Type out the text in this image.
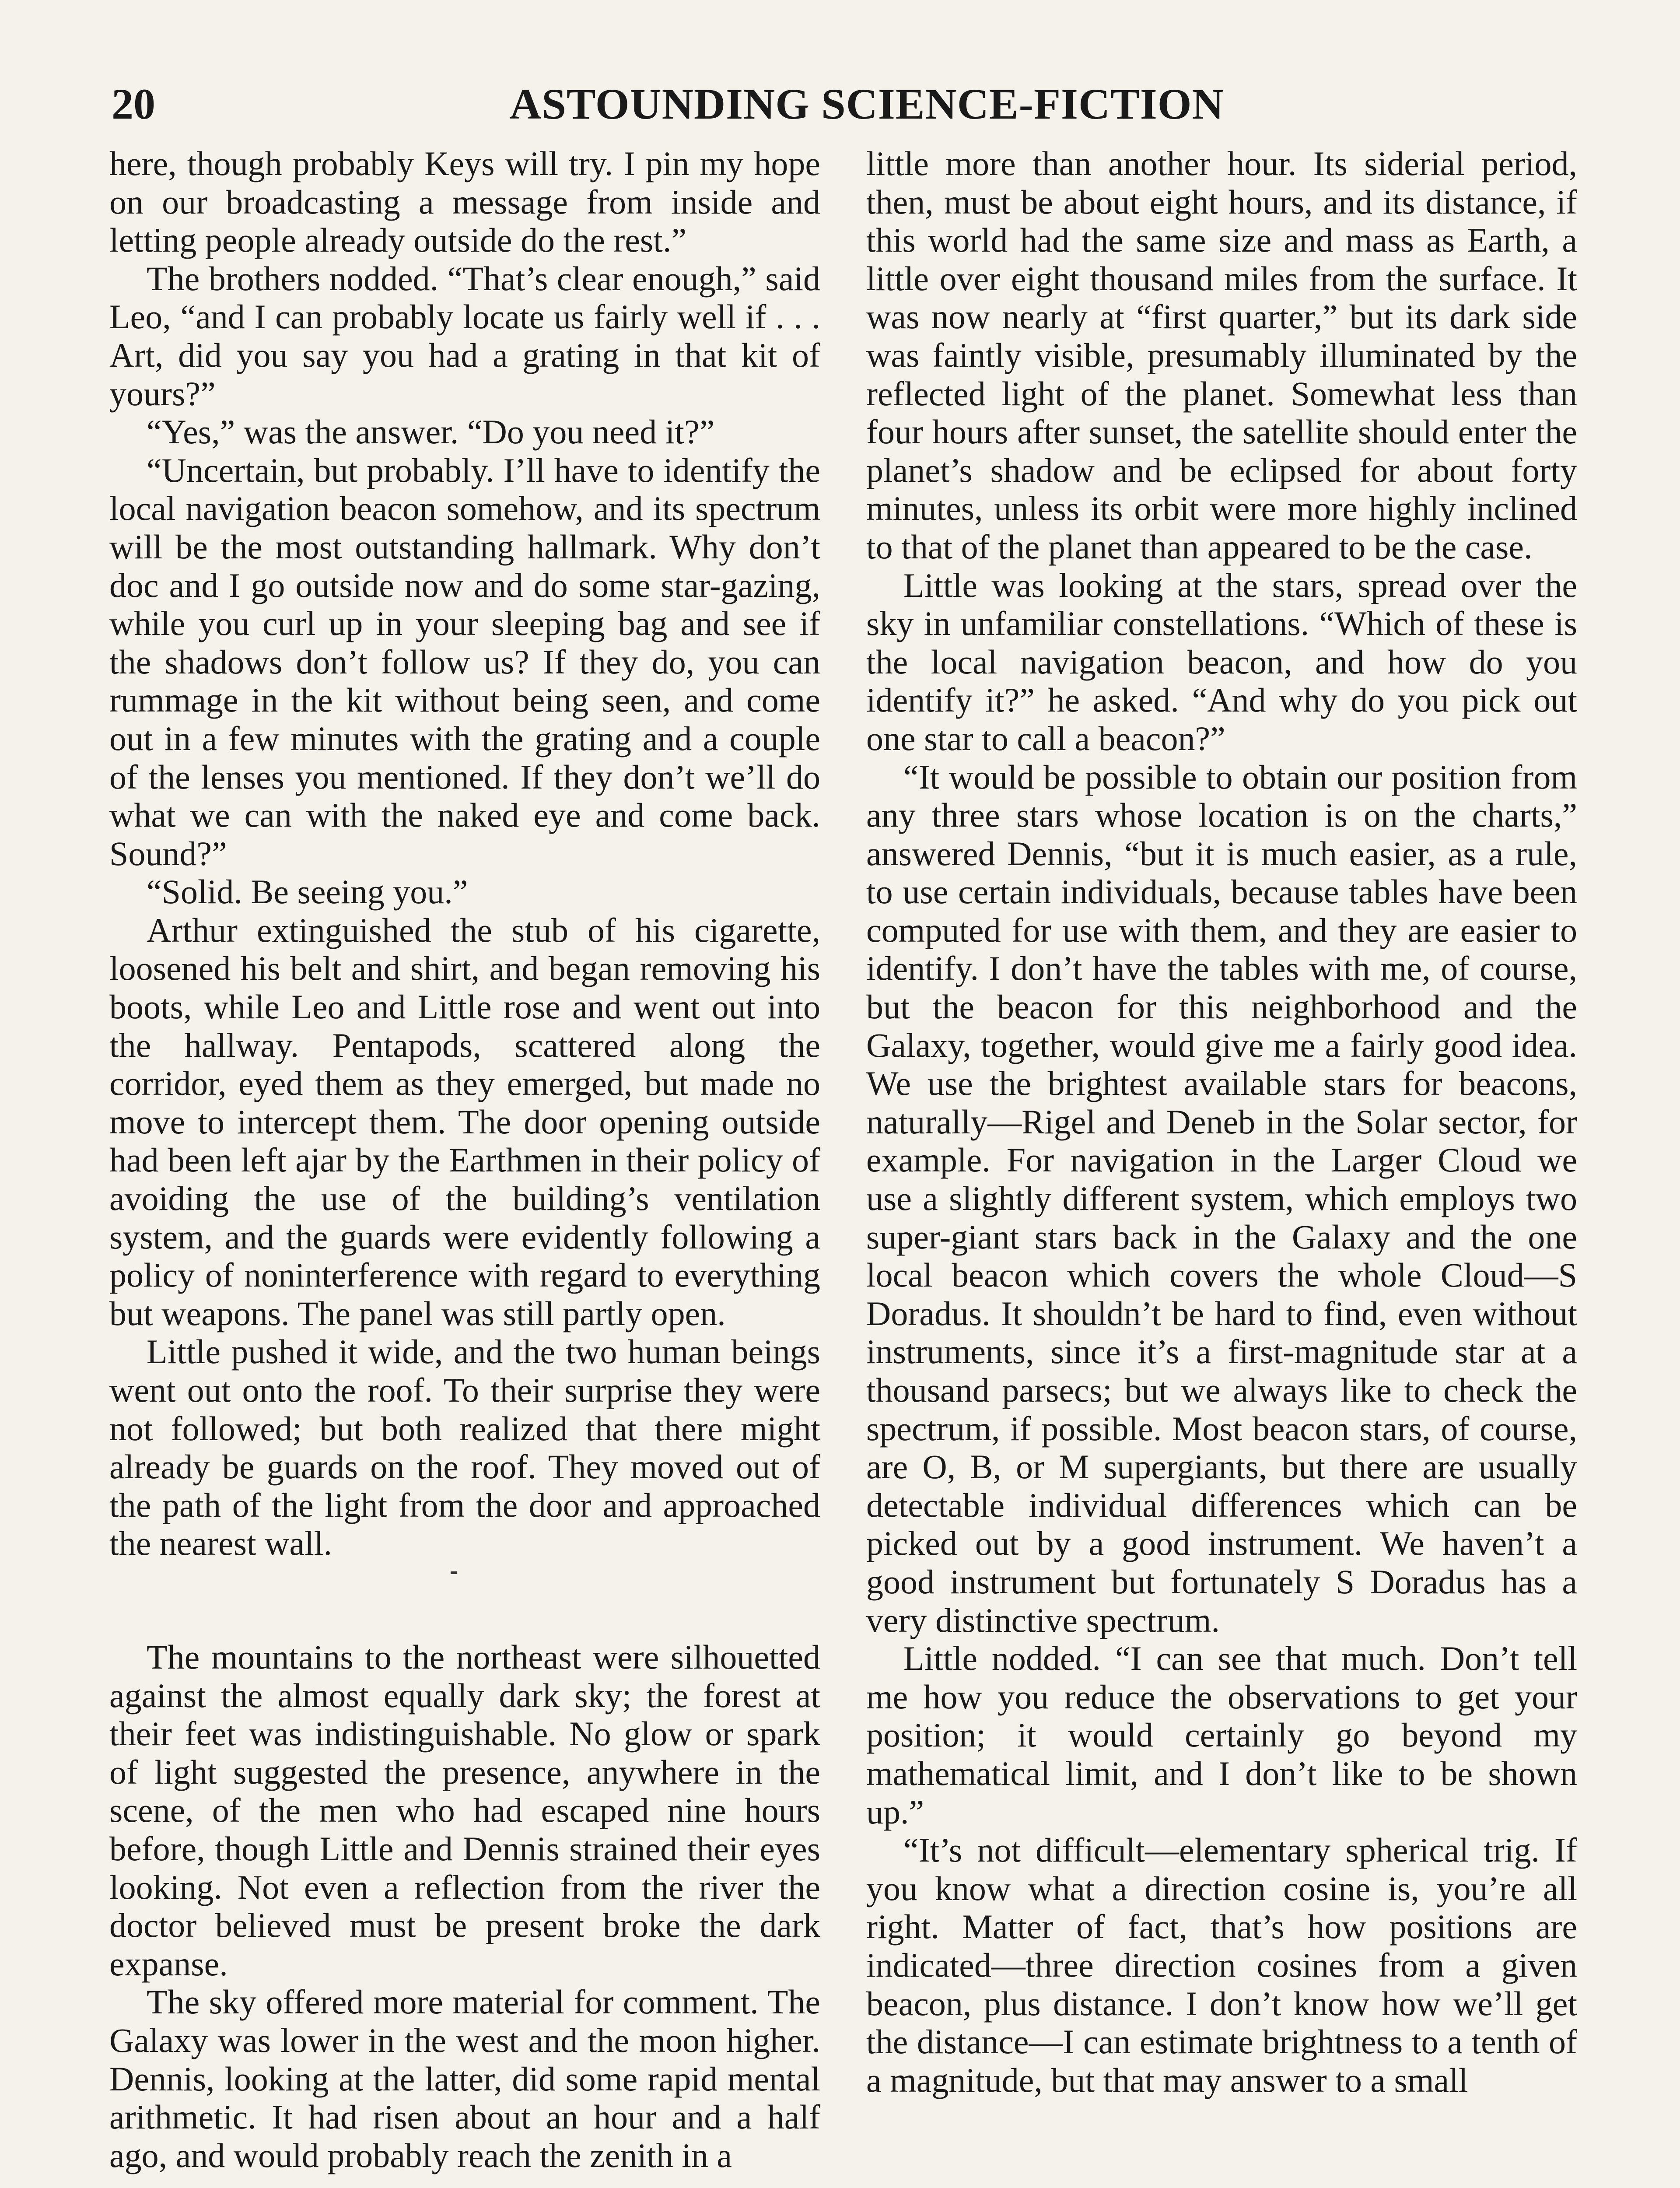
20	ASTOUNDING SCIENCE-FICTION

here, though probably Keys will try. I pin my hope on our broadcasting a message from inside and letting people already outside do the rest.”

The brothers nodded. “That’s clear enough,” said Leo, “and I can probably locate us fairly well if . . . Art, did you say you had a grating in that kit of yours?”

“Yes,” was the answer. “Do you need it?”

“Uncertain, but probably. I’ll have to identify the local navigation beacon somehow, and its spectrum will be the most outstanding hallmark. Why don’t doc and I go outside now and do some star-gazing, while you curl up in your sleeping bag and see if the shadows don’t follow us? If they do, you can rummage in the kit without being seen, and come out in a few minutes with the grating and a couple of the lenses you mentioned. If they don’t we’ll do what we can with the naked eye and come back. Sound?”

“Solid. Be seeing you.”

Arthur extinguished the stub of his cigarette, loosened his belt and shirt, and began removing his boots, while Leo and Little rose and went out into the hallway. Pentapods, scattered along the corridor, eyed them as they emerged, but made no move to intercept them. The door opening outside had been left ajar by the Earthmen in their policy of avoiding the use of the building’s ventilation system, and the guards were evidently following a policy of noninterference with regard to everything but weapons. The panel was still partly open.

Little pushed it wide, and the two human beings went out onto the roof. To their surprise they were not followed; but both realized that there might already be guards on the roof. They moved out of the path of the light from the door and approached the nearest wall.

The mountains to the northeast were silhouetted against the almost equally dark sky; the forest at their feet was indistinguishable. No glow or spark of light suggested the presence, anywhere in the scene, of the men who had escaped nine hours before, though Little and Dennis strained their eyes looking. Not even a reflection from the river the doctor believed must be present broke the dark expanse.

The sky offered more material for comment. The Galaxy was lower in the west and the moon higher. Dennis, looking at the latter, did some rapid mental arithmetic. It had risen about an hour and a half ago, and would probably reach the zenith in a

little more than another hour. Its siderial period, then, must be about eight hours, and its distance, if this world had the same size and mass as Earth, a little over eight thousand miles from the surface. It was now nearly at “first quarter,” but its dark side was faintly visible, presumably illuminated by the reflected light of the planet. Somewhat less than four hours after sunset, the satellite should enter the planet’s shadow and be eclipsed for about forty minutes, unless its orbit were more highly inclined to that of the planet than appeared to be the case.

Little was looking at the stars, spread over the sky in unfamiliar constellations. “Which of these is the local navigation beacon, and how do you identify it?” he asked. “And why do you pick out one star to call a beacon?”

“It would be possible to obtain our position from any three stars whose location is on the charts,” answered Dennis, “but it is much easier, as a rule, to use certain individuals, because tables have been computed for use with them, and they are easier to identify. I don’t have the tables with me, of course, but the beacon for this neighborhood and the Galaxy, together, would give me a fairly good idea. We use the brightest available stars for beacons, naturally—Rigel and Deneb in the Solar sector, for example. For navigation in the Larger Cloud we use a slightly different system, which employs two super-giant stars back in the Galaxy and the one local beacon which covers the whole Cloud—S Doradus. It shouldn’t be hard to find, even without instruments, since it’s a first-magnitude star at a thousand parsecs; but we always like to check the spectrum, if possible. Most beacon stars, of course, are O, B, or M supergiants, but there are usually detectable individual differences which can be picked out by a good instrument. We haven’t a good instrument but fortunately S Doradus has a very distinctive spectrum.

Little nodded. “I can see that much. Don’t tell me how you reduce the observations to get your position; it would certainly go beyond my mathematical limit, and I don’t like to be shown up.”

“It’s not difficult—elementary spherical trig. If you know what a direction cosine is, you’re all right. Matter of fact, that’s how positions are indicated—three direction cosines from a given beacon, plus distance. I don’t know how we’ll get the distance—I can estimate brightness to a tenth of a magnitude, but that may answer to a small
